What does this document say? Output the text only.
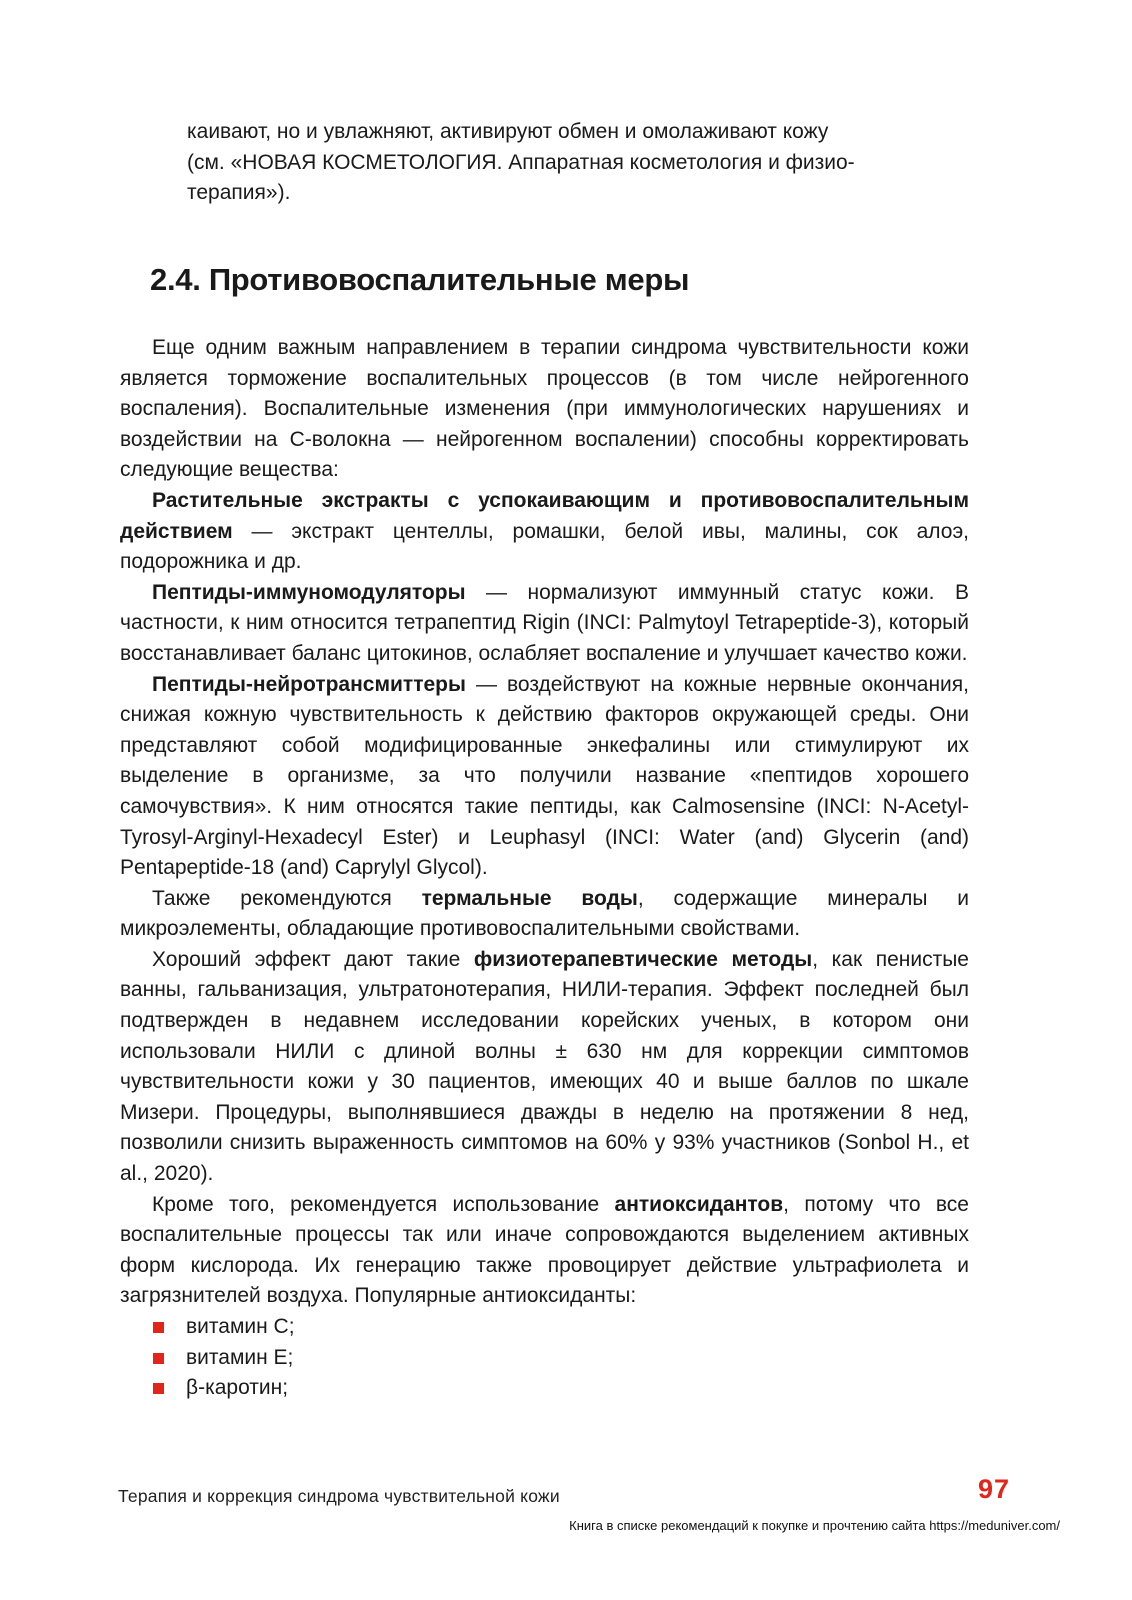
каивают, но и увлажняют, активируют обмен и омолаживают кожу
(см. «НОВАЯ КОСМЕТОЛОГИЯ. Аппаратная косметология и физио-
терапия»).
2.4. Противовоспалительные меры

Еще одним важным направлением в терапии синдрома чувствительности кожи является торможение воспалительных процессов (в том числе нейрогенного воспаления). Воспалительные изменения (при иммунологических нарушениях и воздействии на С-волокна — нейрогенном воспалении) способны корректировать следующие вещества:

Растительные экстракты с успокаивающим и противовоспалительным действием — экстракт центеллы, ромашки, белой ивы, малины, сок алоэ, подорожника и др.

Пептиды-иммуномодуляторы — нормализуют иммунный статус кожи. В частности, к ним относится тетрапептид Rigin (INCI: Palmytoyl Tetrapeptide-3), который восстанавливает баланс цитокинов, ослабляет воспаление и улучшает качество кожи.

Пептиды-нейротрансмиттеры — воздействуют на кожные нервные окончания, снижая кожную чувствительность к действию факторов окружающей среды. Они представляют собой модифицированные энкефалины или стимулируют их выделение в организме, за что получили название «пептидов хорошего самочувствия». К ним относятся такие пептиды, как Calmosensine (INCI: N-Acetyl-Tyrosyl-Arginyl-Hexadecyl Ester) и Leuphasyl (INCI: Water (and) Glycerin (and) Pentapeptide-18 (and) Caprylyl Glycol).

Также рекомендуются термальные воды, содержащие минералы и микроэлементы, обладающие противовоспалительными свойствами.

Хороший эффект дают такие физиотерапевтические методы, как пенистые ванны, гальванизация, ультратонотерапия, НИЛИ-терапия. Эффект последней был подтвержден в недавнем исследовании корейских ученых, в котором они использовали НИЛИ с длиной волны ± 630 нм для коррекции симптомов чувствительности кожи у 30 пациентов, имеющих 40 и выше баллов по шкале Мизери. Процедуры, выполнявшиеся дважды в неделю на протяжении 8 нед, позволили снизить выраженность симптомов на 60% у 93% участников (Sonbol H., et al., 2020).

Кроме того, рекомендуется использование антиоксидантов, потому что все воспалительные процессы так или иначе сопровождаются выделением активных форм кислорода. Их генерацию также провоцирует действие ультрафиолета и загрязнителей воздуха. Популярные антиоксиданты:

витамин С;
витамин Е;
β-каротин;
Терапия и коррекция синдрома чувствительной кожи	97
Книга в списке рекомендаций к покупке и прочтению сайта https://meduniver.com/
